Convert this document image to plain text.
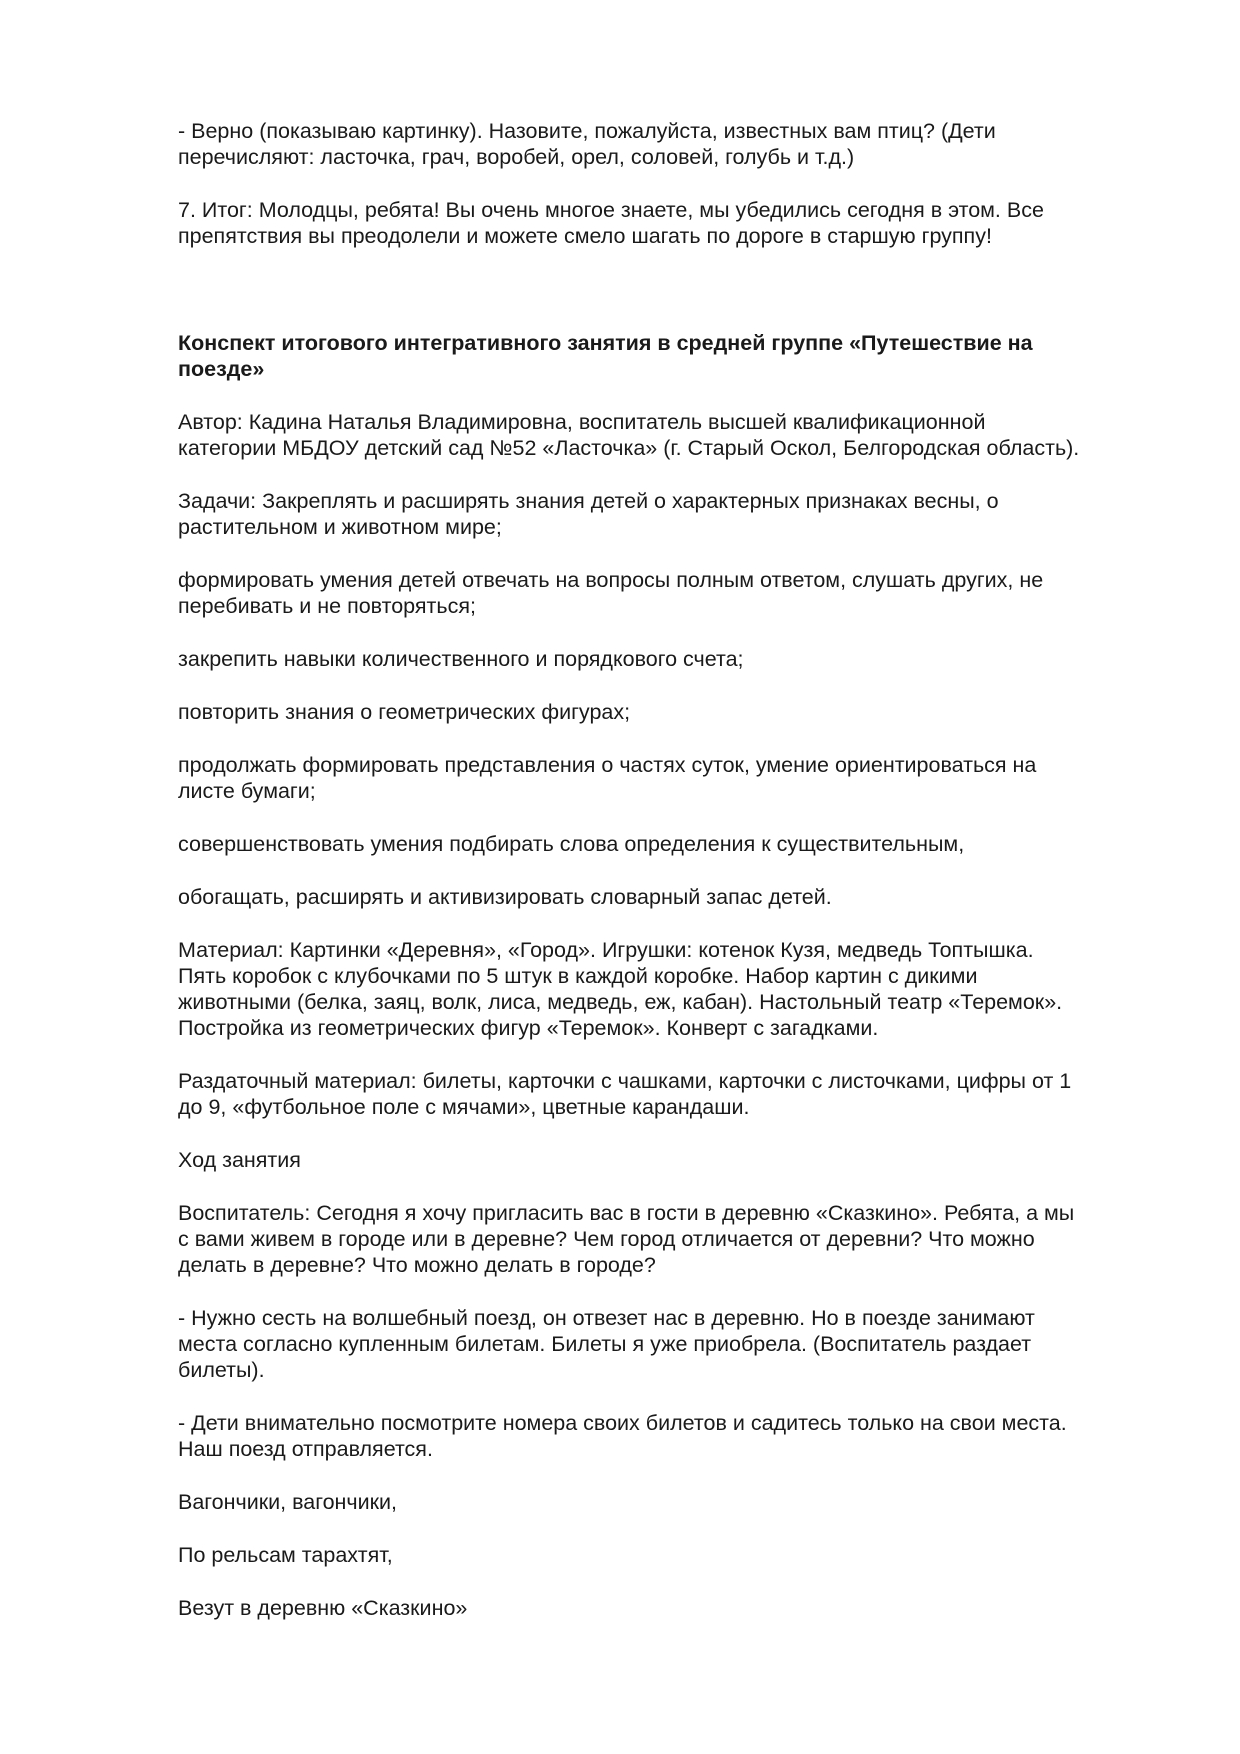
- Верно (показываю картинку). Назовите, пожалуйста, известных вам птиц? (Дети
перечисляют: ласточка, грач, воробей, орел, соловей, голубь и т.д.)

7. Итог: Молодцы, ребята! Вы очень многое знаете, мы убедились сегодня в этом. Все
препятствия вы преодолели и можете смело шагать по дороге в старшую группу!

Конспект итогового интегративного занятия в средней группе «Путешествие на
поезде»

Автор: Кадина Наталья Владимировна, воспитатель высшей квалификационной
категории МБДОУ детский сад №52 «Ласточка» (г. Старый Оскол, Белгородская область).

Задачи: Закреплять и расширять знания детей о характерных признаках весны, о
растительном и животном мире;

формировать умения детей отвечать на вопросы полным ответом, слушать других, не
перебивать и не повторяться;

закрепить навыки количественного и порядкового счета;

повторить знания о геометрических фигурах;

продолжать формировать представления о частях суток, умение ориентироваться на
листе бумаги;

совершенствовать умения подбирать слова определения к существительным,

обогащать, расширять и активизировать словарный запас детей.

Материал: Картинки «Деревня», «Город». Игрушки: котенок Кузя, медведь Топтышка.
Пять коробок с клубочками по 5 штук в каждой коробке. Набор картин с дикими
животными (белка, заяц, волк, лиса, медведь, еж, кабан). Настольный театр «Теремок».
Постройка из геометрических фигур «Теремок». Конверт с загадками.

Раздаточный материал: билеты, карточки с чашками, карточки с листочками, цифры от 1
до 9, «футбольное поле с мячами», цветные карандаши.

Ход занятия

Воспитатель: Сегодня я хочу пригласить вас в гости в деревню «Сказкино». Ребята, а мы
с вами живем в городе или в деревне? Чем город отличается от деревни? Что можно
делать в деревне? Что можно делать в городе?

- Нужно сесть на волшебный поезд, он отвезет нас в деревню. Но в поезде занимают
места согласно купленным билетам. Билеты я уже приобрела. (Воспитатель раздает
билеты).

- Дети внимательно посмотрите номера своих билетов и садитесь только на свои места.
Наш поезд отправляется.

Вагончики, вагончики,

По рельсам тарахтят,

Везут в деревню «Сказкино»
